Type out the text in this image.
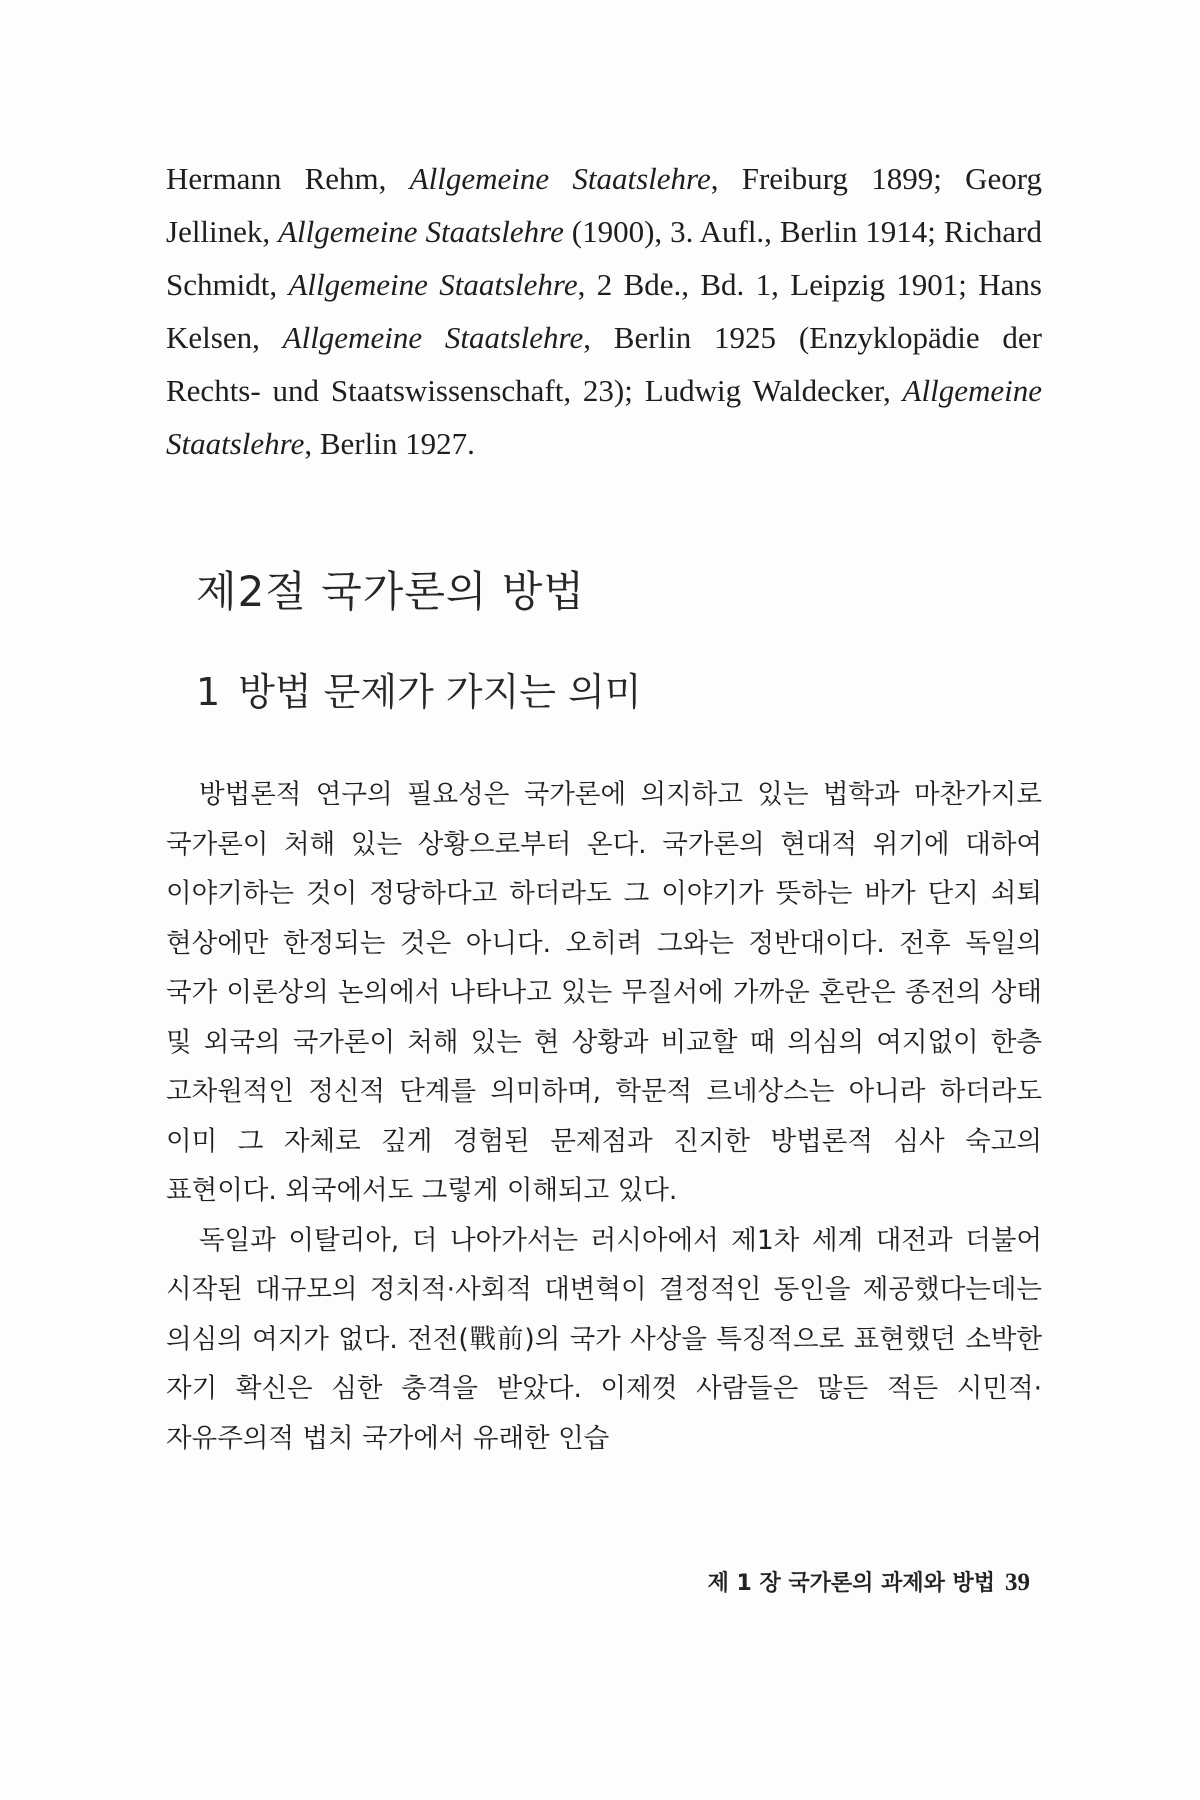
Hermann Rehm, Allgemeine Staatslehre, Freiburg 1899; Georg Jellinek, Allgemeine Staatslehre (1900), 3. Aufl., Berlin 1914; Richard Schmidt, Allgemeine Staatslehre, 2 Bde., Bd. 1, Leipzig 1901; Hans Kelsen, Allgemeine Staatslehre, Berlin 1925 (Enzyklopädie der Rechts- und Staatswissenschaft, 23); Ludwig Waldecker, Allgemeine Staatslehre, Berlin 1927.
제2절 국가론의 방법
1 방법 문제가 가지는 의미

방법론적 연구의 필요성은 국가론에 의지하고 있는 법학과 마찬가지로 국가론이 처해 있는 상황으로부터 온다. 국가론의 현대적 위기에 대하여 이야기하는 것이 정당하다고 하더라도 그 이야기가 뜻하는 바가 단지 쇠퇴 현상에만 한정되는 것은 아니다. 오히려 그와는 정반대이다. 전후 독일의 국가 이론상의 논의에서 나타나고 있는 무질서에 가까운 혼란은 종전의 상태 및 외국의 국가론이 처해 있는 현 상황과 비교할 때 의심의 여지없이 한층 고차원적인 정신적 단계를 의미하며, 학문적 르네상스는 아니라 하더라도 이미 그 자체로 깊게 경험된 문제점과 진지한 방법론적 심사 숙고의 표현이다. 외국에서도 그렇게 이해되고 있다.

독일과 이탈리아, 더 나아가서는 러시아에서 제1차 세계 대전과 더불어 시작된 대규모의 정치적·사회적 대변혁이 결정적인 동인을 제공했다는데는 의심의 여지가 없다. 전전(戰前)의 국가 사상을 특징적으로 표현했던 소박한 자기 확신은 심한 충격을 받았다. 이제껏 사람들은 많든 적든 시민적·자유주의적 법치 국가에서 유래한 인습

제 1 장 국가론의 과제와 방법 39
